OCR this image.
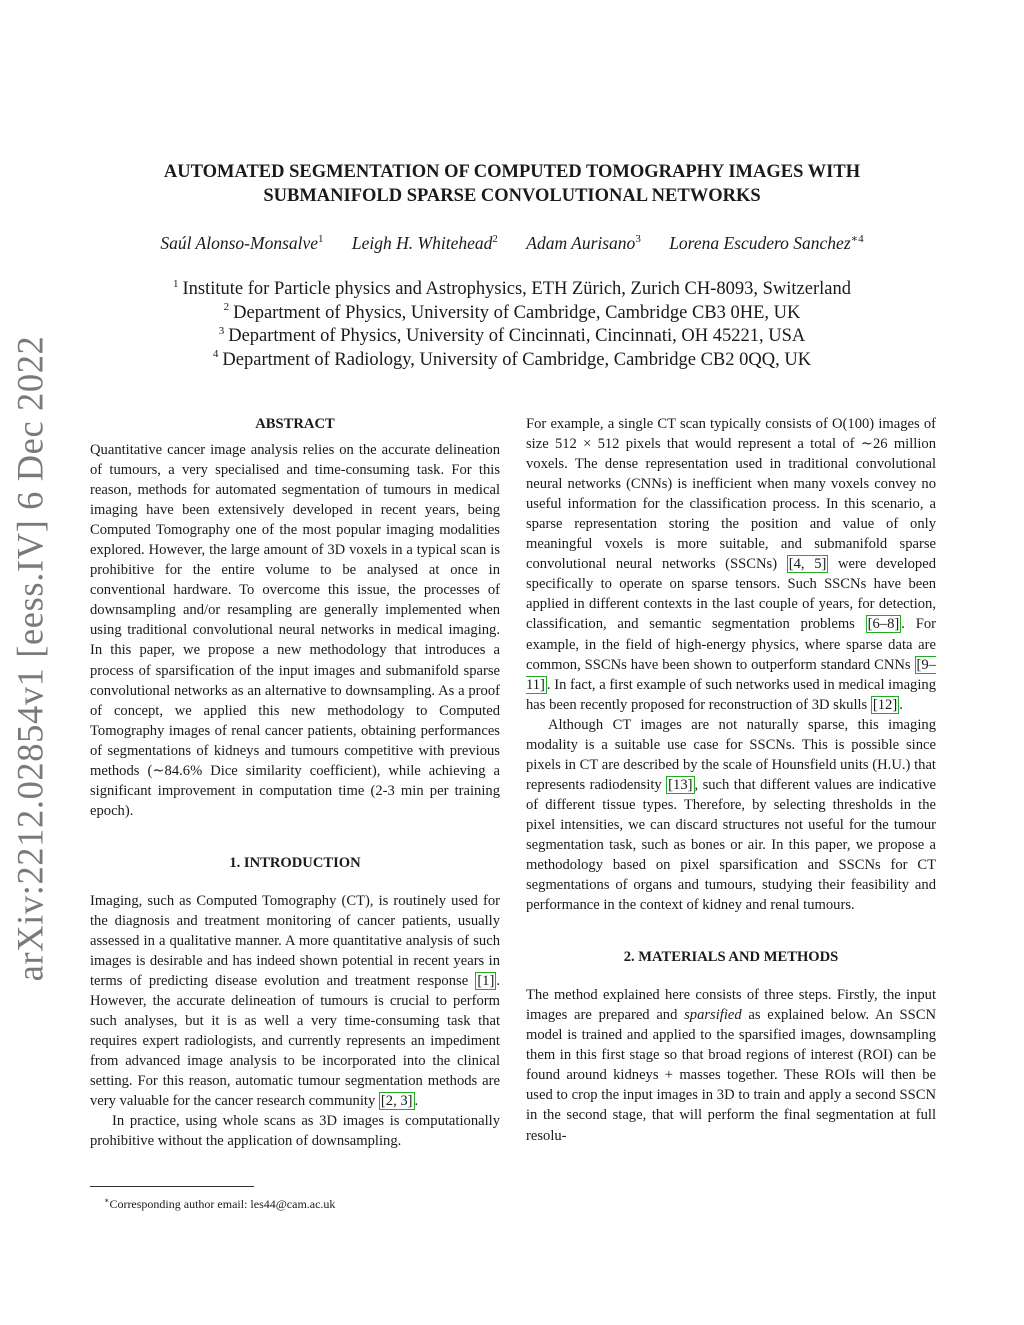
arXiv:2212.02854v1 [eess.IV] 6 Dec 2022
AUTOMATED SEGMENTATION OF COMPUTED TOMOGRAPHY IMAGES WITH
SUBMANIFOLD SPARSE CONVOLUTIONAL NETWORKS
Saúl Alonso-Monsalve$^1$ Leigh H. Whitehead$^2$ Adam Aurisano$^3$ Lorena Escudero Sanchez$^{∗4}$
$^1$ Institute for Particle physics and Astrophysics, ETH Zürich, Zurich CH-8093, Switzerland
$^2$ Department of Physics, University of Cambridge, Cambridge CB3 0HE, UK
$^3$ Department of Physics, University of Cincinnati, Cincinnati, OH 45221, USA
$^4$ Department of Radiology, University of Cambridge, Cambridge CB2 0QQ, UK
ABSTRACT

Quantitative cancer image analysis relies on the accurate delineation of tumours, a very specialised and time-consuming task. For this reason, methods for automated segmentation of tumours in medical imaging have been extensively developed in recent years, being Computed Tomography one of the most popular imaging modalities explored. However, the large amount of 3D voxels in a typical scan is prohibitive for the entire volume to be analysed at once in conventional hardware. To overcome this issue, the processes of downsampling and/or resampling are generally implemented when using traditional convolutional neural networks in medical imaging. In this paper, we propose a new methodology that introduces a process of sparsification of the input images and submanifold sparse convolutional networks as an alternative to downsampling. As a proof of concept, we applied this new methodology to Computed Tomography images of renal cancer patients, obtaining performances of segmentations of kidneys and tumours competitive with previous methods (∼84.6% Dice similarity coefficient), while achieving a significant improvement in computation time (2-3 min per training epoch).

1. INTRODUCTION

Imaging, such as Computed Tomography (CT), is routinely used for the diagnosis and treatment monitoring of cancer patients, usually assessed in a qualitative manner. A more quantitative analysis of such images is desirable and has indeed shown potential in recent years in terms of predicting disease evolution and treatment response [1] . However, the accurate delineation of tumours is crucial to perform such analyses, but it is as well a very time-consuming task that requires expert radiologists, and currently represents an impediment from advanced image analysis to be incorporated into the clinical setting. For this reason, automatic tumour segmentation methods are very valuable for the cancer research community [2, 3] .

In practice, using whole scans as 3D images is computationally prohibitive without the application of downsampling.

For example, a single CT scan typically consists of O(100) images of size 512 × 512 pixels that would represent a total of ∼26 million voxels. The dense representation used in traditional convolutional neural networks (CNNs) is inefficient when many voxels convey no useful information for the classification process. In this scenario, a sparse representation storing the position and value of only meaningful voxels is more suitable, and submanifold sparse convolutional neural networks (SSCNs) [4, 5] were developed specifically to operate on sparse tensors. Such SSCNs have been applied in different contexts in the last couple of years, for detection, classification, and semantic segmentation problems [6–8] . For example, in the field of high-energy physics, where sparse data are common, SSCNs have been shown to outperform standard CNNs [9–11] . In fact, a first example of such networks used in medical imaging has been recently proposed for reconstruction of 3D skulls [12] .

Although CT images are not naturally sparse, this imaging modality is a suitable use case for SSCNs. This is possible since pixels in CT are described by the scale of Hounsfield units (H.U.) that represents radiodensity [13] , such that different values are indicative of different tissue types. Therefore, by selecting thresholds in the pixel intensities, we can discard structures not useful for the tumour segmentation task, such as bones or air. In this paper, we propose a methodology based on pixel sparsification and SSCNs for CT segmentations of organs and tumours, studying their feasibility and performance in the context of kidney and renal tumours.

2. MATERIALS AND METHODS

The method explained here consists of three steps. Firstly, the input images are prepared and sparsified as explained below. An SSCN model is trained and applied to the sparsified images, downsampling them in this first stage so that broad regions of interest (ROI) can be found around kidneys + masses together. These ROIs will then be used to crop the input images in 3D to train and apply a second SSCN in the second stage, that will perform the final segmentation at full resolu-

∗Corresponding author email: les44@cam.ac.uk
